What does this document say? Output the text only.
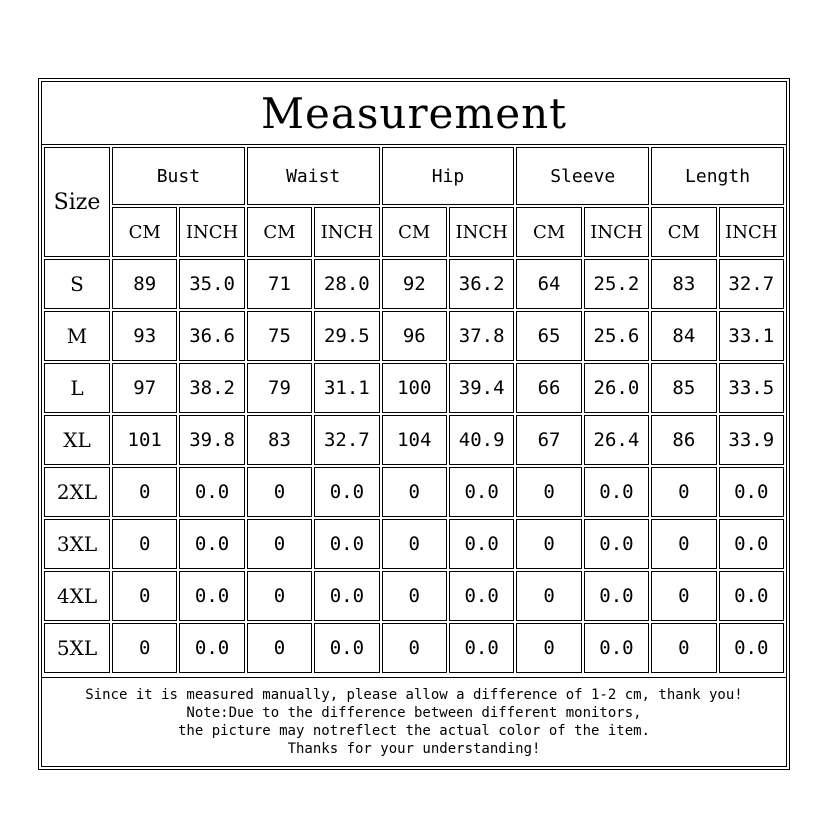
Measurement
Size	Bust		Waist		Hip		Sleeve		Length	
	CM	INCH	CM	INCH	CM	INCH	CM	INCH	CM	INCH
S	89	35.0	71	28.0	92	36.2	64	25.2	83	32.7
M	93	36.6	75	29.5	96	37.8	65	25.6	84	33.1
L	97	38.2	79	31.1	100	39.4	66	26.0	85	33.5
XL	101	39.8	83	32.7	104	40.9	67	26.4	86	33.9
2XL	0	0.0	0	0.0	0	0.0	0	0.0	0	0.0
3XL	0	0.0	0	0.0	0	0.0	0	0.0	0	0.0
4XL	0	0.0	0	0.0	0	0.0	0	0.0	0	0.0
5XL	0	0.0	0	0.0	0	0.0	0	0.0	0	0.0
Since it is measured manually, please allow a difference of 1-2 cm, thank you!
Note:Due to the difference between different monitors,
the picture may notreflect the actual color of the item.
Thanks for your understanding!
